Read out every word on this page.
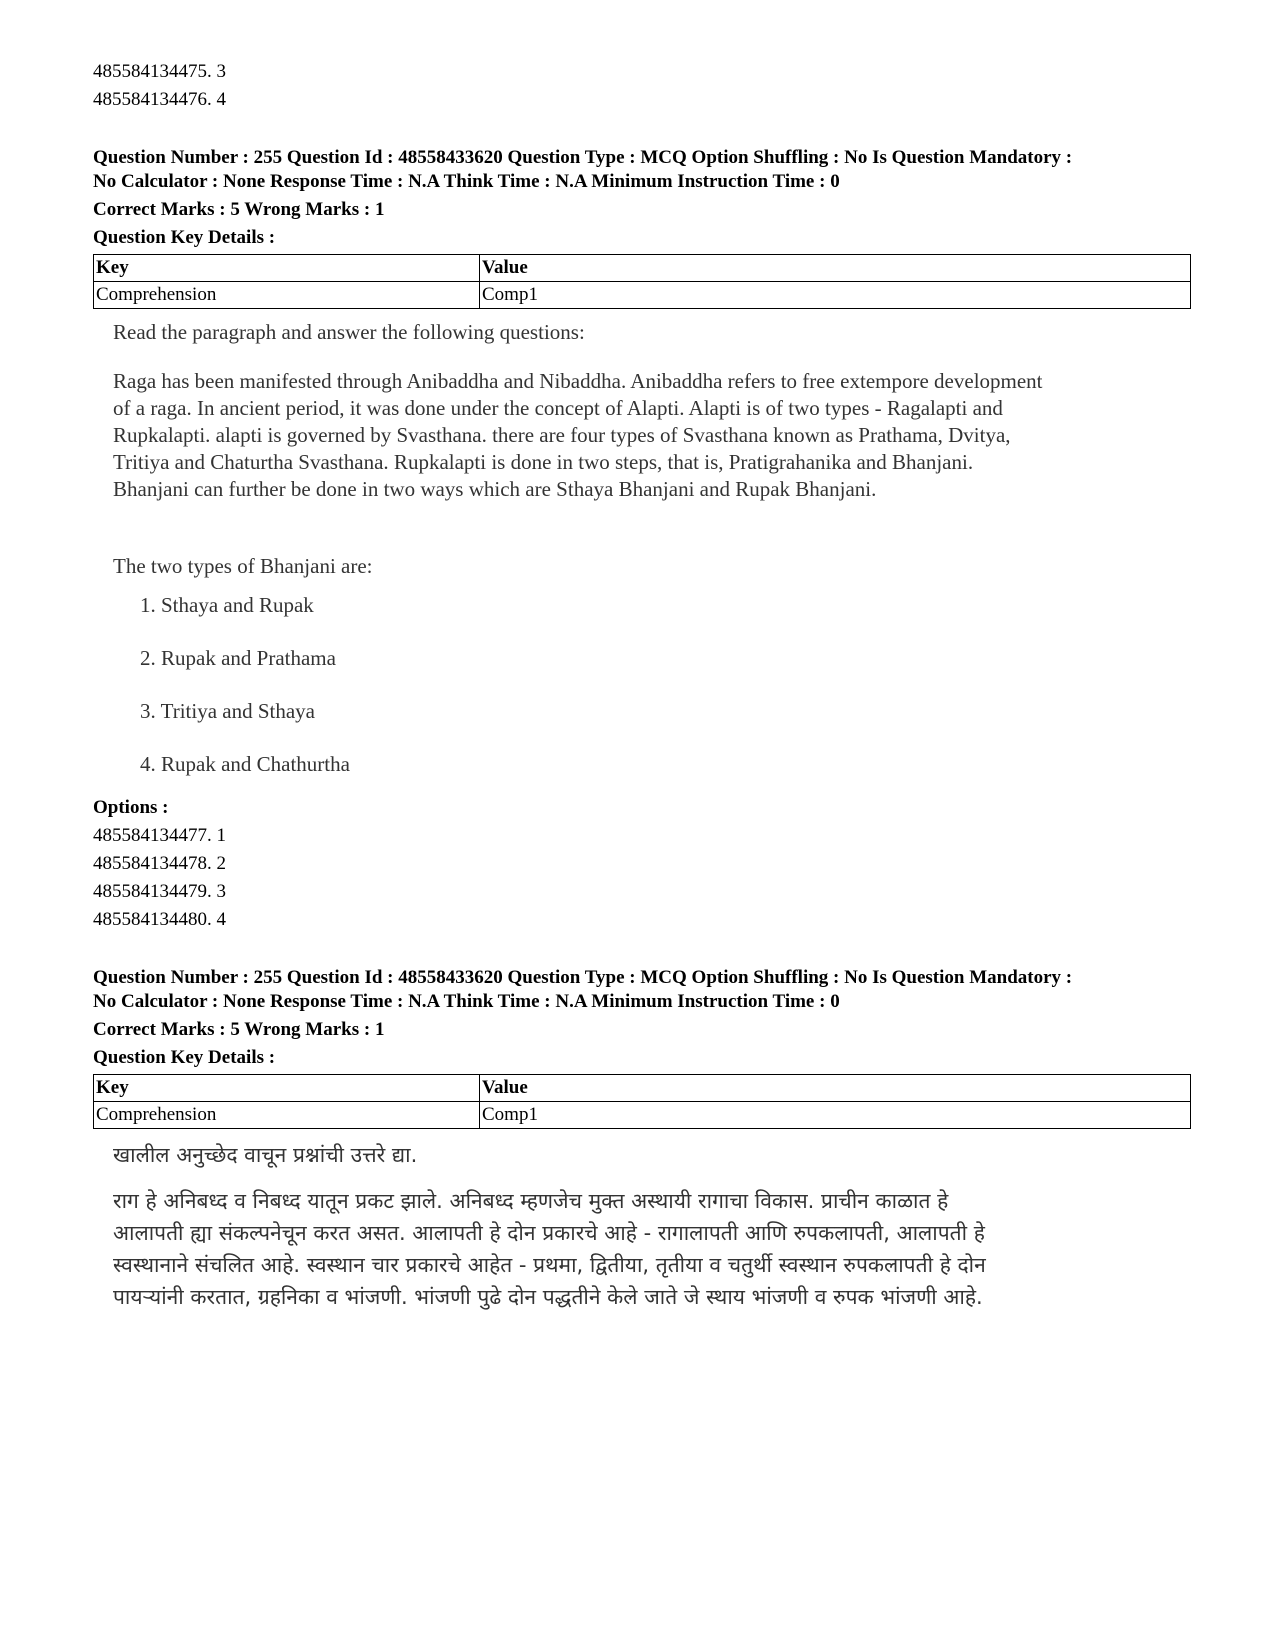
485584134475. 3
485584134476. 4
Question Number : 255 Question Id : 48558433620 Question Type : MCQ Option Shuffling : No Is Question Mandatory :
No Calculator : None Response Time : N.A Think Time : N.A Minimum Instruction Time : 0
Correct Marks : 5 Wrong Marks : 1
Question Key Details :
Key	Value
Comprehension	Comp1

Read the paragraph and answer the following questions:

Raga has been manifested through Anibaddha and Nibaddha. Anibaddha refers to free extempore development

of a raga. In ancient period, it was done under the concept of Alapti. Alapti is of two types - Ragalapti and

Rupkalapti. alapti is governed by Svasthana. there are four types of Svasthana known as Prathama, Dvitya,

Tritiya and Chaturtha Svasthana. Rupkalapti is done in two steps, that is, Pratigrahanika and Bhanjani.

Bhanjani can further be done in two ways which are Sthaya Bhanjani and Rupak Bhanjani.

The two types of Bhanjani are:

1. Sthaya and Rupak
2. Rupak and Prathama
3. Tritiya and Sthaya
4. Rupak and Chathurtha
Options :
485584134477. 1
485584134478. 2
485584134479. 3
485584134480. 4
Question Number : 255 Question Id : 48558433620 Question Type : MCQ Option Shuffling : No Is Question Mandatory :
No Calculator : None Response Time : N.A Think Time : N.A Minimum Instruction Time : 0
Correct Marks : 5 Wrong Marks : 1
Question Key Details :
Key	Value
Comprehension	Comp1

खालील अनुच्छेद वाचून प्रश्नांची उत्तरे द्या.

राग हे अनिबध्द व निबध्द यातून प्रकट झाले. अनिबध्द म्हणजेच मुक्त अस्थायी रागाचा विकास. प्राचीन काळात हे

आलापती ह्या संकल्पनेचून करत असत. आलापती हे दोन प्रकारचे आहे - रागालापती आणि रुपकलापती, आलापती हे

स्वस्थानाने संचलित आहे. स्वस्थान चार प्रकारचे आहेत - प्रथमा, द्वितीया, तृतीया व चतुर्थी स्वस्थान रुपकलापती हे दोन

पायऱ्यांनी करतात, ग्रहनिका व भांजणी. भांजणी पुढे दोन पद्धतीने केले जाते जे स्थाय भांजणी व रुपक भांजणी आहे.
